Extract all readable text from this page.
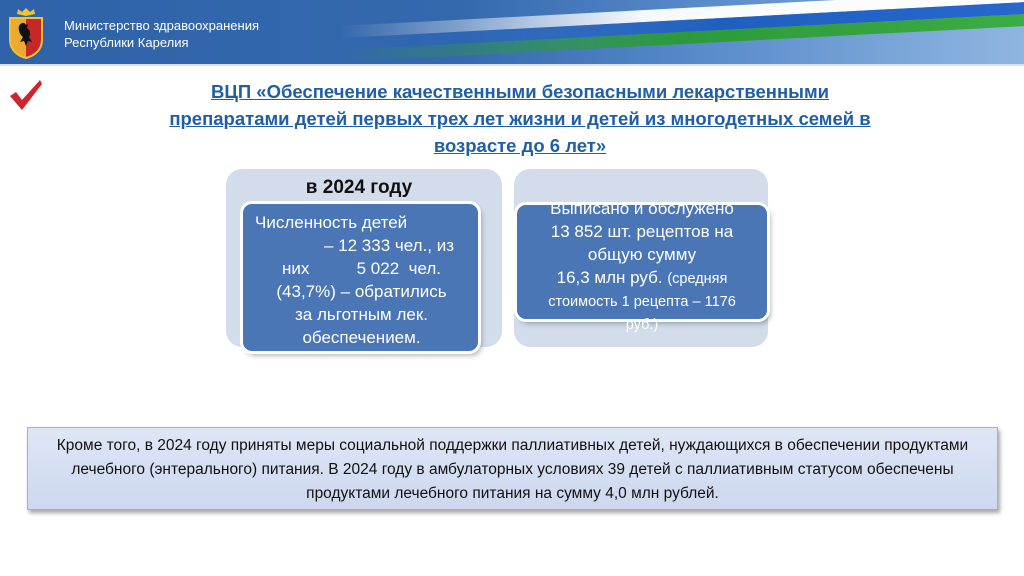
Министерство здравоохранения
Республики Карелия
ВЦП «Обеспечение качественными безопасными лекарственными
препаратами детей первых трех лет жизни и детей из многодетных семей в
возрасте до 6 лет»
в 2024 году
Численность детей
– 12 333 чел., из
них          5 022  чел.
(43,7%) – обратились
за льготным лек.
обеспечением.
Выписано и обслужено
13 852 шт. рецептов на
общую сумму
16,3 млн руб. (средняя
стоимость 1 рецепта – 1176
руб.)
Кроме того, в 2024 году приняты меры социальной поддержки паллиативных детей, нуждающихся в обеспечении продуктами лечебного (энтерального) питания. В 2024 году в амбулаторных условиях 39 детей с паллиативным статусом обеспечены продуктами лечебного питания на сумму 4,0 млн рублей.
